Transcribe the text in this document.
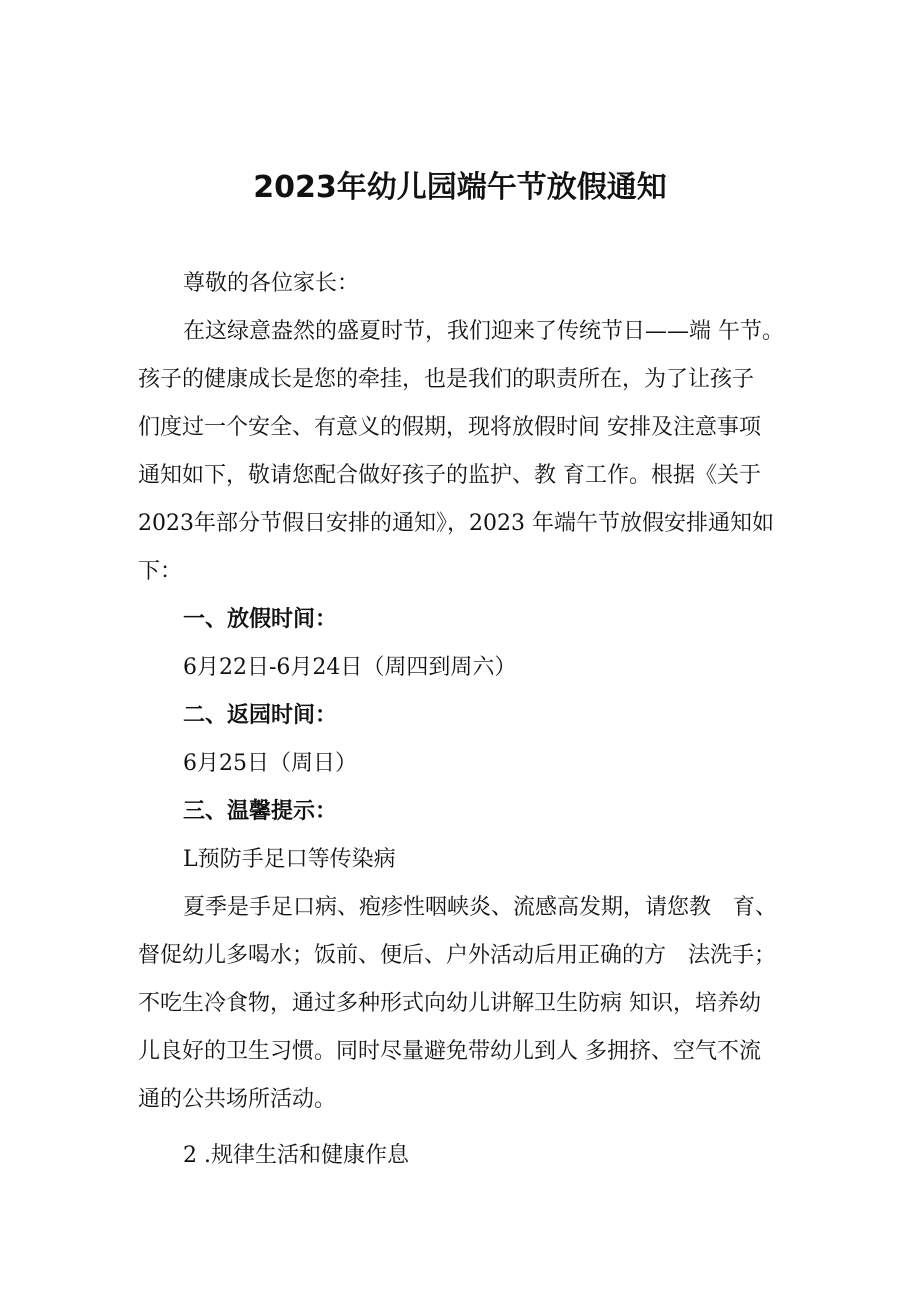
2023年幼儿园端午节放假通知

尊敬的各位家长：

在这绿意盎然的盛夏时节，我们迎来了传统节日——端 午节。
孩子的健康成长是您的牵挂，也是我们的职责所在，为了让孩子
们度过一个安全、有意义的假期，现将放假时间 安排及注意事项
通知如下，敬请您配合做好孩子的监护、教 育工作。根据《关于
2023年部分节假日安排的通知》，2023 年端午节放假安排通知如
下：

一、放假时间：

6月22日-6月24日（周四到周六）

二、返园时间：

6月25日（周日）

三、温馨提示：

L预防手足口等传染病

夏季是手足口病、疱疹性咽峡炎、流感高发期，请您教　育、
督促幼儿多喝水；饭前、便后、户外活动后用正确的方　法洗手；
不吃生冷食物，通过多种形式向幼儿讲解卫生防病 知识，培养幼
儿良好的卫生习惯。同时尽量避免带幼儿到人 多拥挤、空气不流
通的公共场所活动。

2 .规律生活和健康作息
